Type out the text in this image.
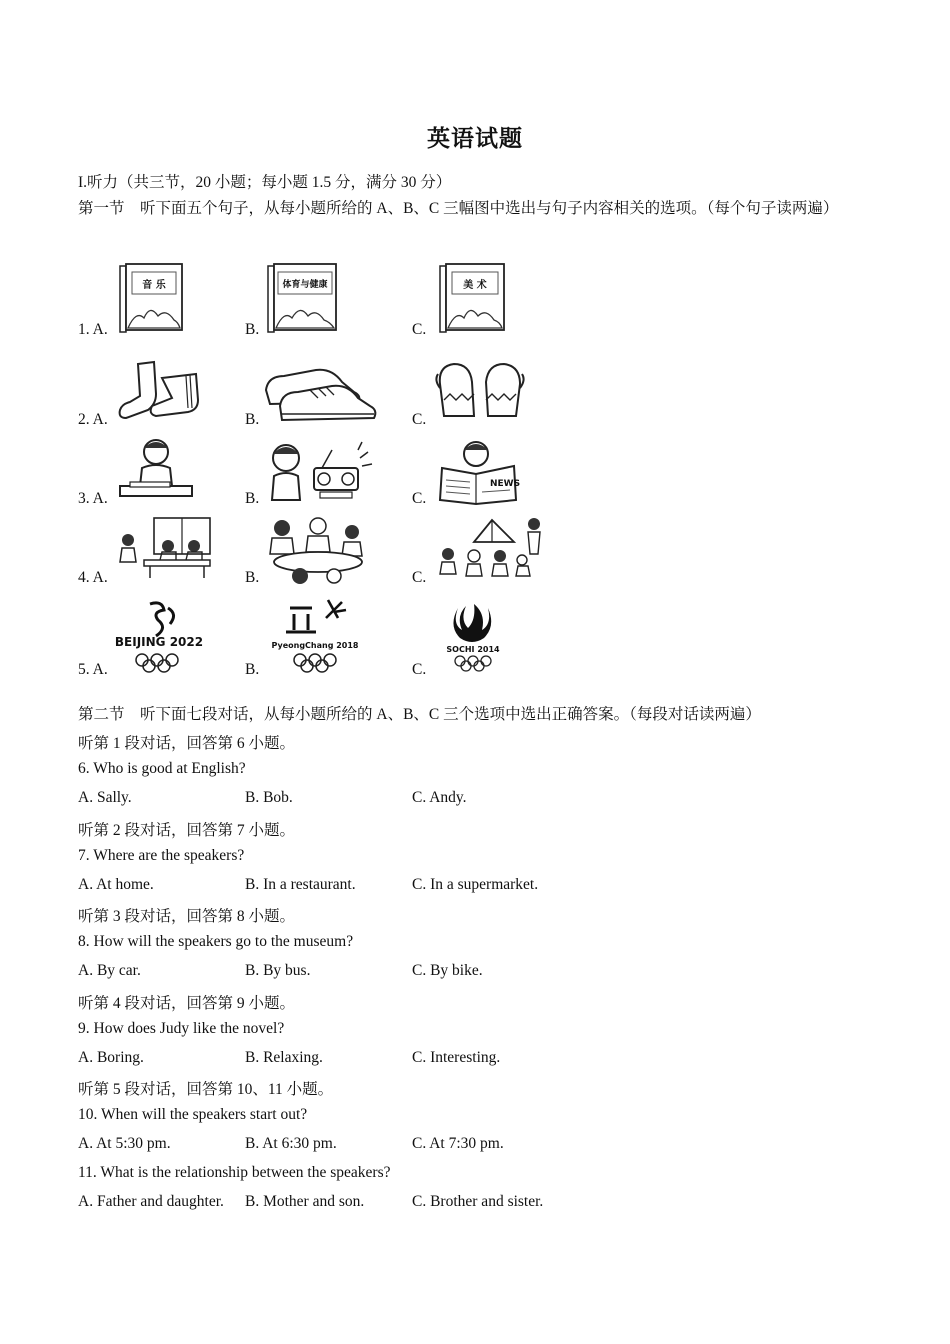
英语试题
I.听力（共三节，20 小题；每小题 1.5 分，满分 30 分）
第一节　听下面五个句子，从每小题所给的 A、B、C 三幅图中选出与句子内容相关的选项。（每个句子读两遍）
1. A.
音 乐
B.
体育与健康
C.
美 术
2. A.	B.	C.
3. A.	B.	C.
NEWS
4. A.	B.	C.
5. A.
BEIJING 2022
B.
PyeongChang 2018
C.
SOCHI 2014
第二节　听下面七段对话，从每小题所给的 A、B、C 三个选项中选出正确答案。（每段对话读两遍）
听第 1 段对话，回答第 6 小题。
6. Who is good at English?
A. Sally.	B. Bob.	C. Andy.
听第 2 段对话，回答第 7 小题。
7. Where are the speakers?
A. At home.	B. In a restaurant.	C. In a supermarket.
听第 3 段对话，回答第 8 小题。
8. How will the speakers go to the museum?
A. By car.	B. By bus.	C. By bike.
听第 4 段对话，回答第 9 小题。
9. How does Judy like the novel?
A. Boring.	B. Relaxing.	C. Interesting.
听第 5 段对话，回答第 10、11 小题。
10. When will the speakers start out?
A. At 5:30 pm.	B. At 6:30 pm.	C. At 7:30 pm.
11. What is the relationship between the speakers?
A. Father and daughter. B. Mother and son.	C. Brother and sister.
